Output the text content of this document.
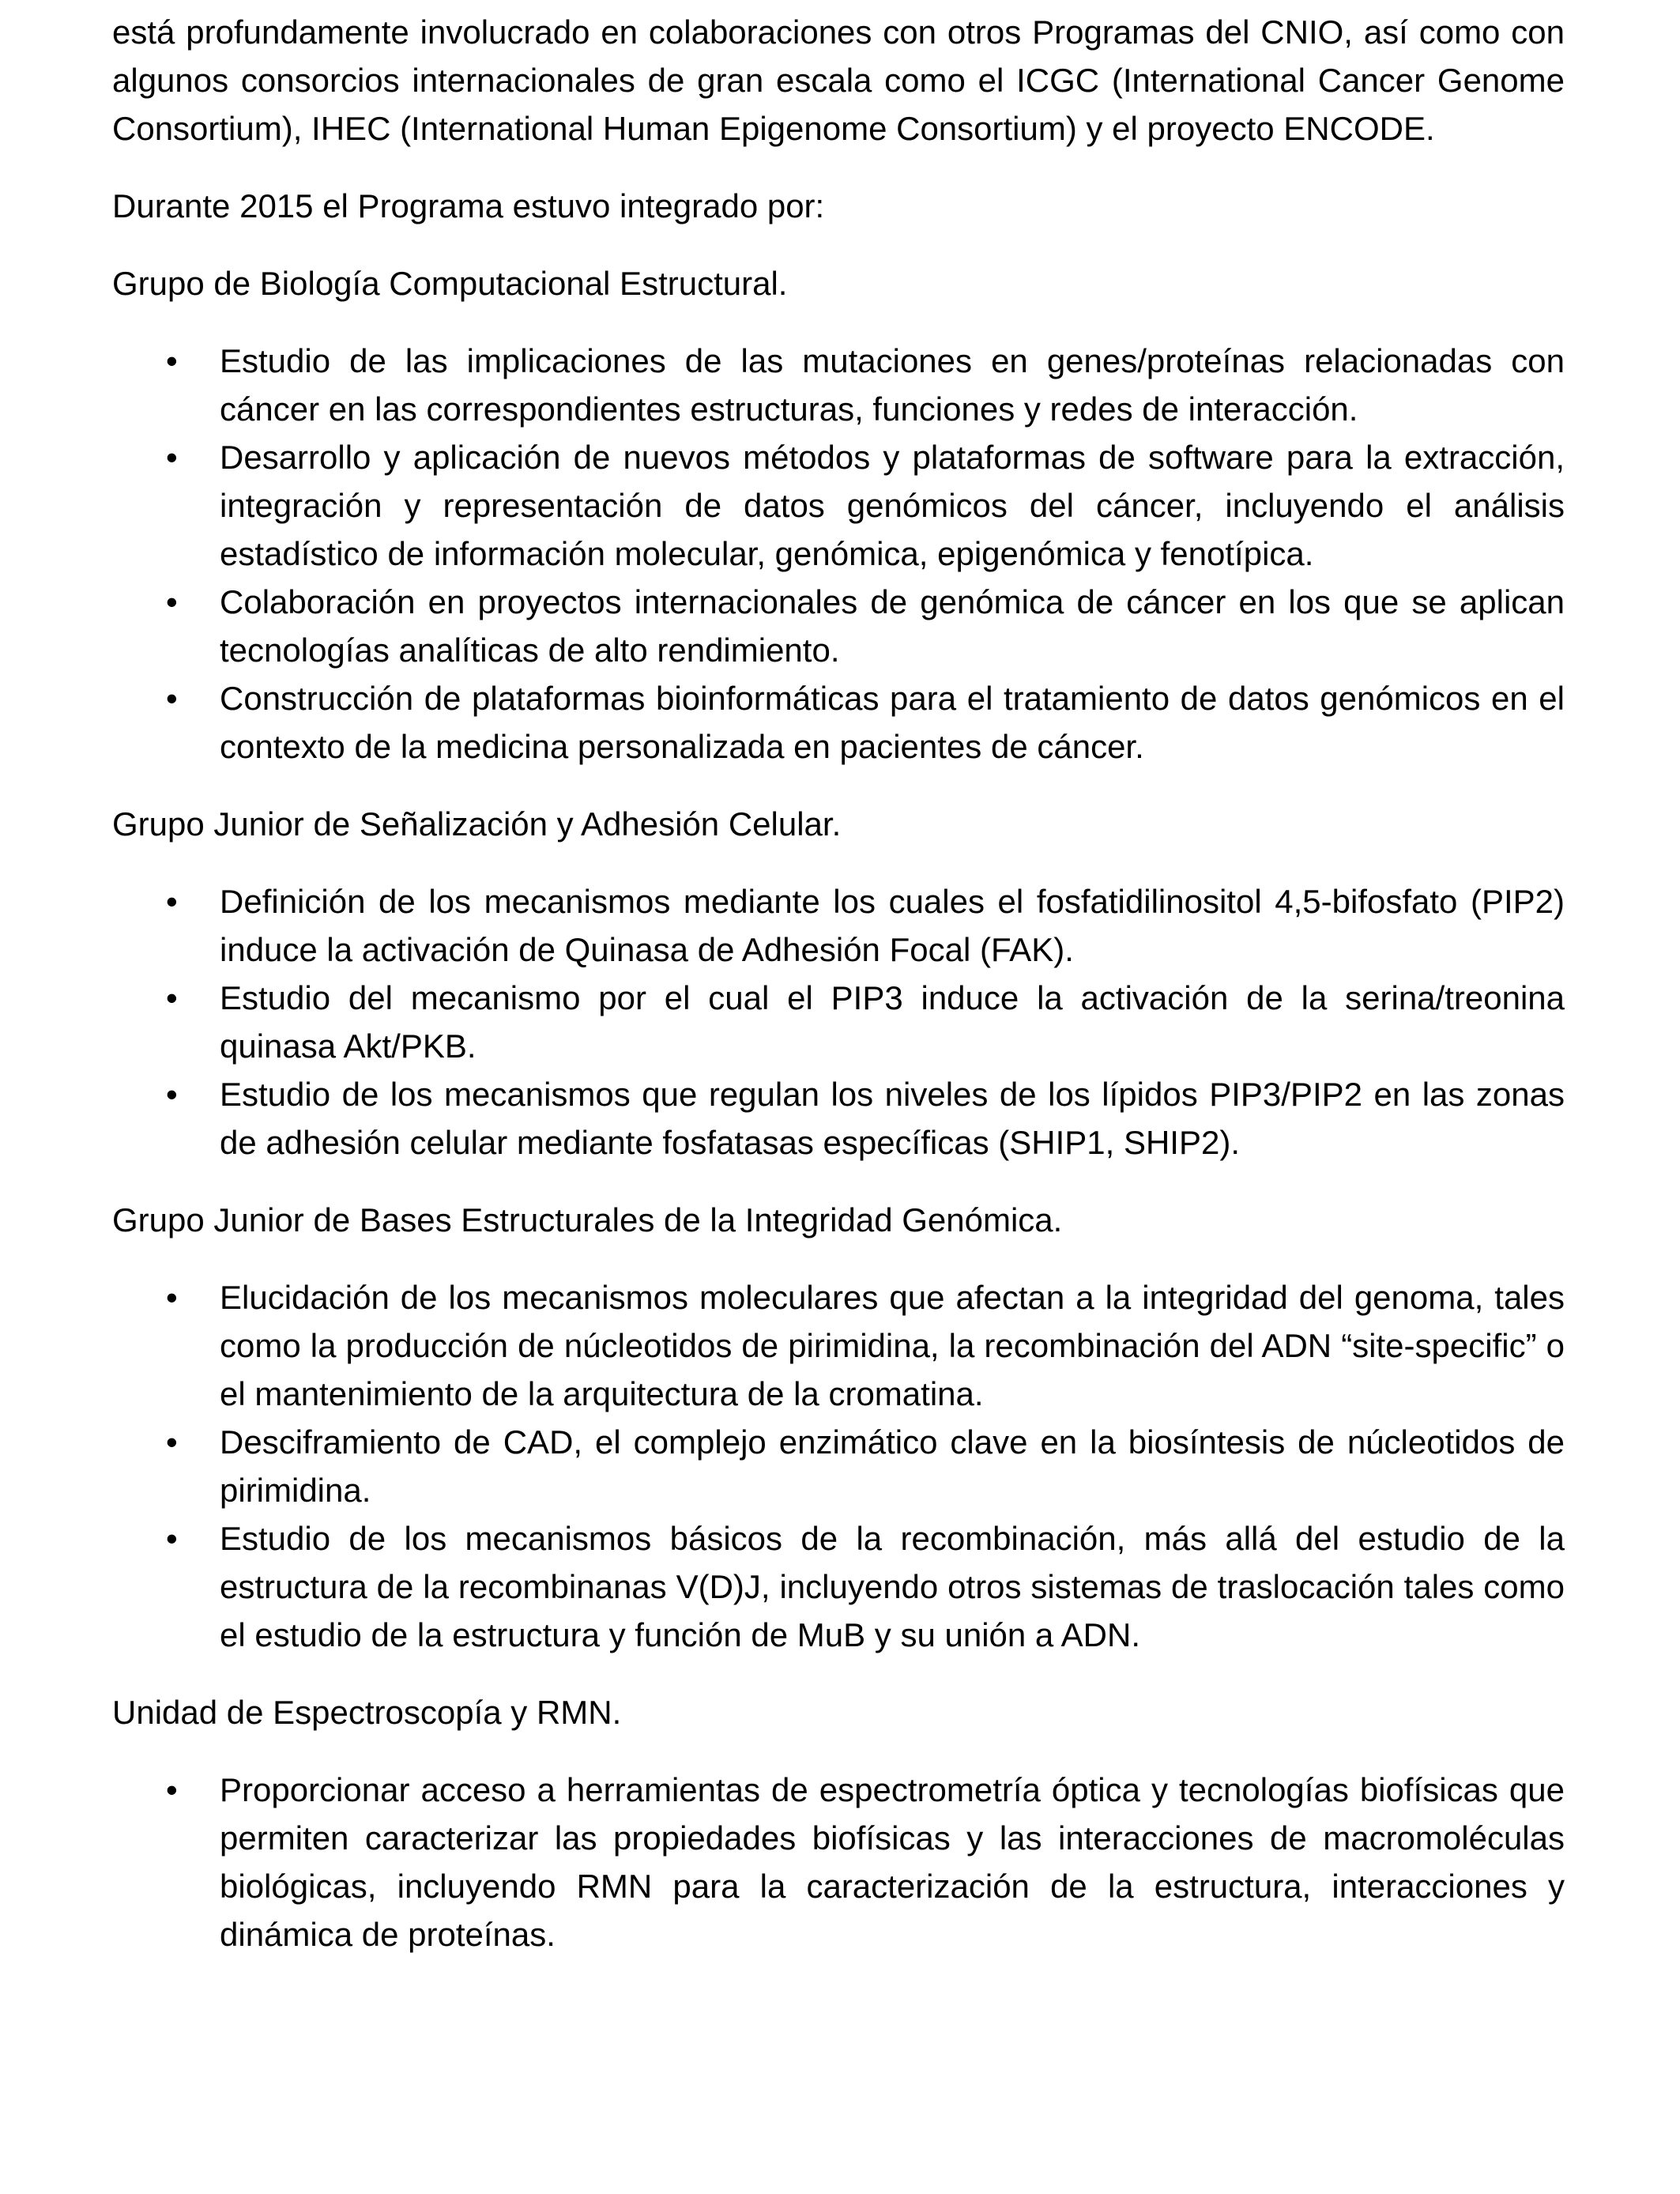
está profundamente involucrado en colaboraciones con otros Programas del CNIO, así como con algunos consorcios internacionales de gran escala como el ICGC (International Cancer Genome Consortium), IHEC (International Human Epigenome Consortium) y el proyecto ENCODE.

Durante 2015 el Programa estuvo integrado por:

Grupo de Biología Computacional Estructural.

•	Estudio de las implicaciones de las mutaciones en genes/proteínas relacionadas con cáncer en las correspondientes estructuras, funciones y redes de interacción.
•	Desarrollo y aplicación de nuevos métodos y plataformas de software para la extracción, integración y representación de datos genómicos del cáncer, incluyendo el análisis estadístico de información molecular, genómica, epigenómica y fenotípica.
•	Colaboración en proyectos internacionales de genómica de cáncer en los que se aplican tecnologías analíticas de alto rendimiento.
•	Construcción de plataformas bioinformáticas para el tratamiento de datos genómicos en el contexto de la medicina personalizada en pacientes de cáncer.

Grupo Junior de Señalización y Adhesión Celular.

•	Definición de los mecanismos mediante los cuales el fosfatidilinositol 4,5-bifosfato (PIP2) induce la activación de Quinasa de Adhesión Focal (FAK).
•	Estudio del mecanismo por el cual el PIP3 induce la activación de la serina/treonina quinasa Akt/PKB.
•	Estudio de los mecanismos que regulan los niveles de los lípidos PIP3/PIP2 en las zonas de adhesión celular mediante fosfatasas específicas (SHIP1, SHIP2).

Grupo Junior de Bases Estructurales de la Integridad Genómica.

•	Elucidación de los mecanismos moleculares que afectan a la integridad del genoma, tales como la producción de núcleotidos de pirimidina, la recombinación del ADN “site-specific” o el mantenimiento de la arquitectura de la cromatina.
•	Desciframiento de CAD, el complejo enzimático clave en la biosíntesis de núcleotidos de pirimidina.
•	Estudio de los mecanismos básicos de la recombinación, más allá del estudio de la estructura de la recombinanas V(D)J, incluyendo otros sistemas de traslocación tales como el estudio de la estructura y función de MuB y su unión a ADN.

Unidad de Espectroscopía y RMN.

•	Proporcionar acceso a herramientas de espectrometría óptica y tecnologías biofísicas que permiten caracterizar las propiedades biofísicas y las interacciones de macromoléculas biológicas, incluyendo RMN para la caracterización de la estructura, interacciones y dinámica de proteínas.
